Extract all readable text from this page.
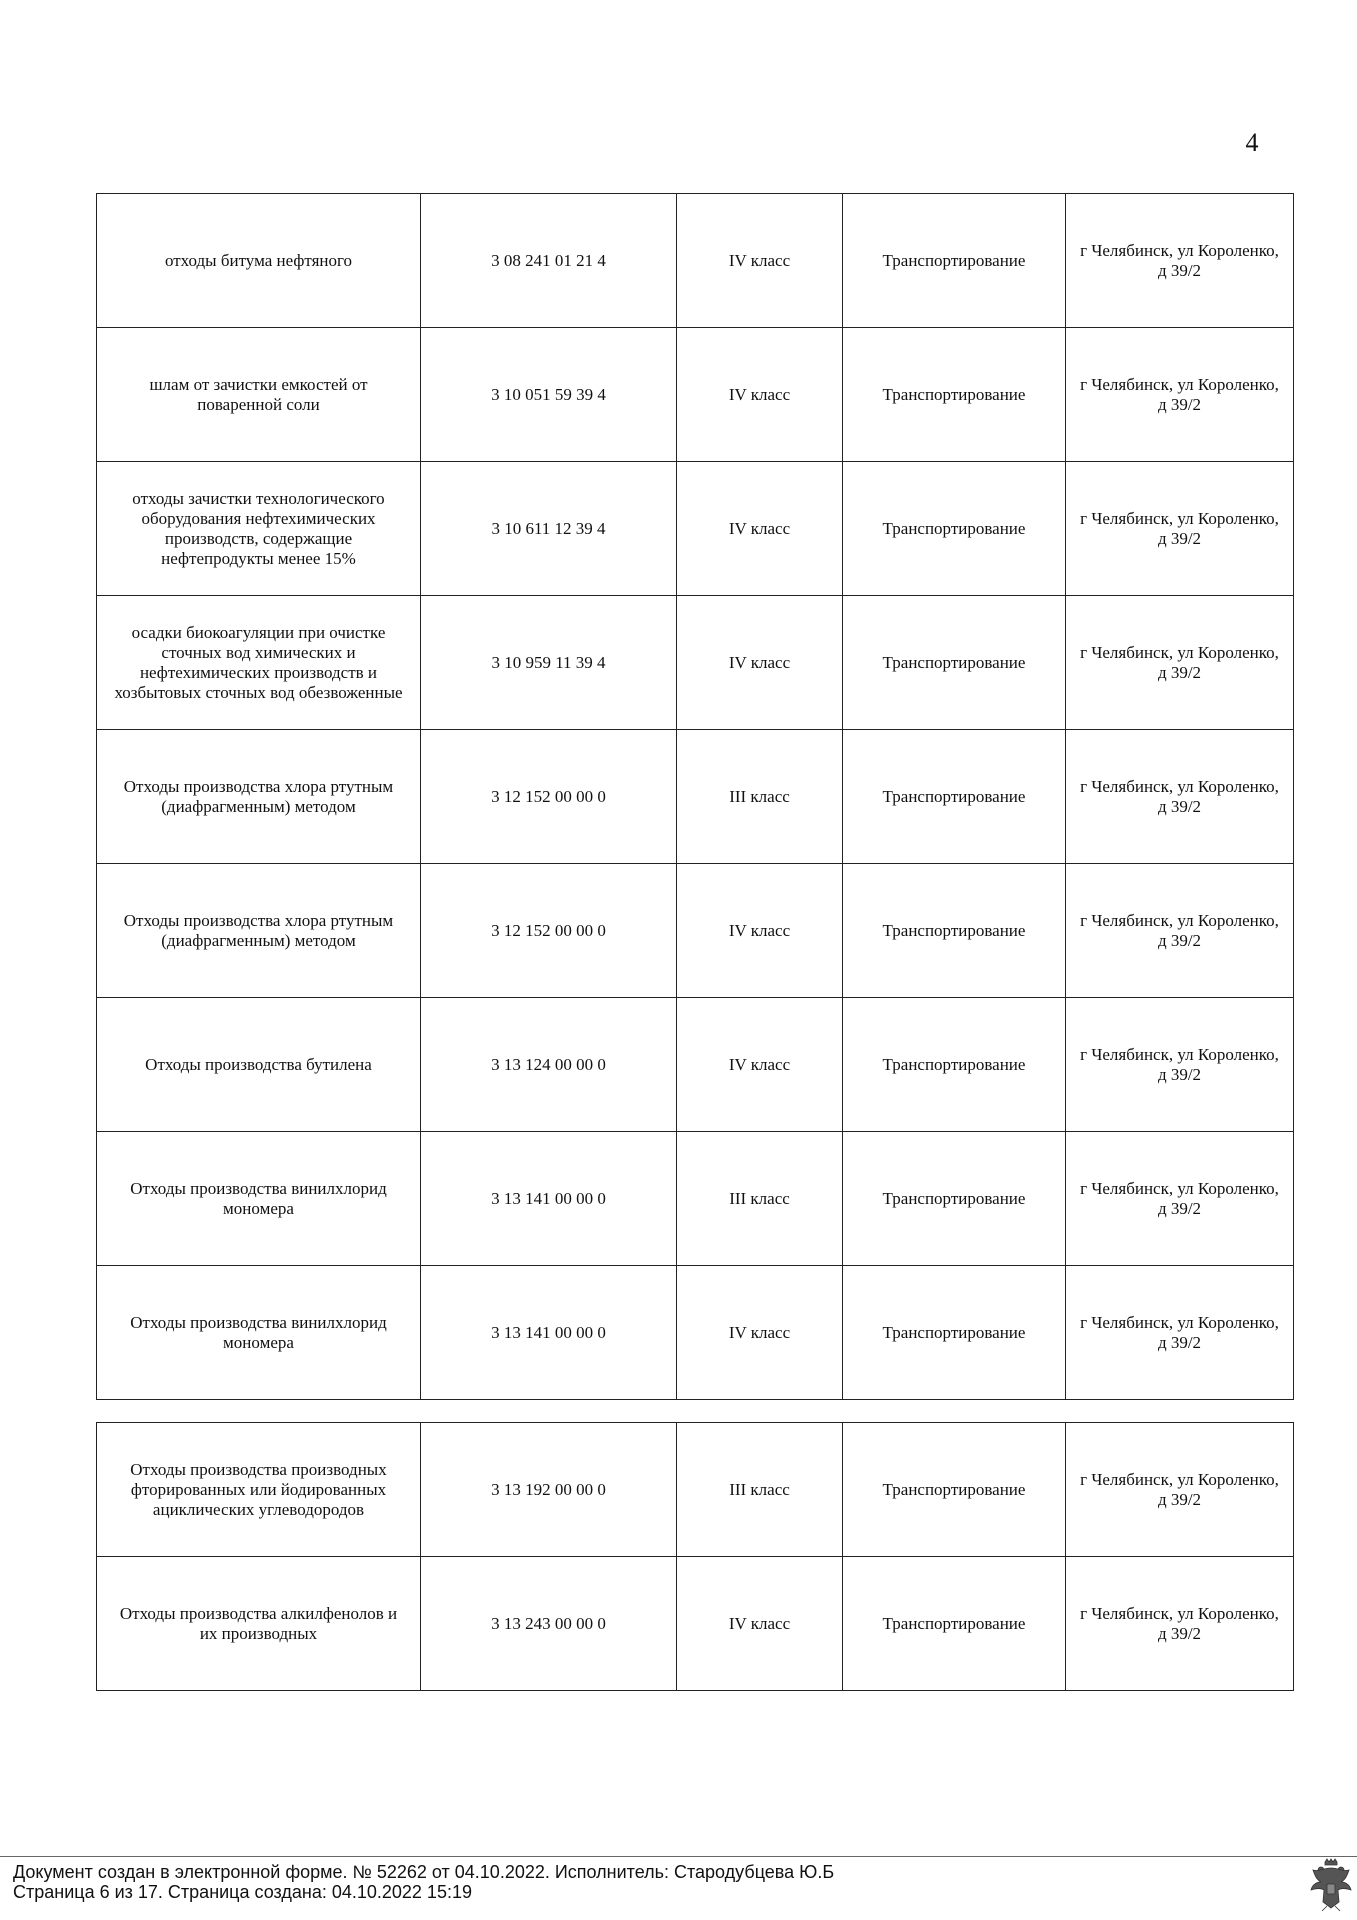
4
отходы битума нефтяного	3 08 241 01 21 4	IV класс	Транспортирование	г Челябинск, ул Короленко, д 39/2
шлам от зачистки емкостей от поваренной соли	3 10 051 59 39 4	IV класс	Транспортирование	г Челябинск, ул Короленко, д 39/2
отходы зачистки технологического оборудования нефтехимических производств, содержащие нефтепродукты менее 15%	3 10 611 12 39 4	IV класс	Транспортирование	г Челябинск, ул Короленко, д 39/2
осадки биокоагуляции при очистке сточных вод химических и нефтехимических производств и хозбытовых сточных вод обезвоженные	3 10 959 11 39 4	IV класс	Транспортирование	г Челябинск, ул Короленко, д 39/2
Отходы производства хлора ртутным (диафрагменным) методом	3 12 152 00 00 0	III класс	Транспортирование	г Челябинск, ул Короленко, д 39/2
Отходы производства хлора ртутным (диафрагменным) методом	3 12 152 00 00 0	IV класс	Транспортирование	г Челябинск, ул Короленко, д 39/2
Отходы производства бутилена	3 13 124 00 00 0	IV класс	Транспортирование	г Челябинск, ул Короленко, д 39/2
Отходы производства винилхлорид мономера	3 13 141 00 00 0	III класс	Транспортирование	г Челябинск, ул Короленко, д 39/2
Отходы производства винилхлорид мономера	3 13 141 00 00 0	IV класс	Транспортирование	г Челябинск, ул Короленко, д 39/2
Отходы производства производных фторированных или йодированных ациклических углеводородов	3 13 192 00 00 0	III класс	Транспортирование	г Челябинск, ул Короленко, д 39/2
Отходы производства алкилфенолов и их производных	3 13 243 00 00 0	IV класс	Транспортирование	г Челябинск, ул Короленко, д 39/2
Документ создан в электронной форме. № 52262 от 04.10.2022. Исполнитель: Стародубцева Ю.Б
Страница 6 из 17. Страница создана: 04.10.2022 15:19
